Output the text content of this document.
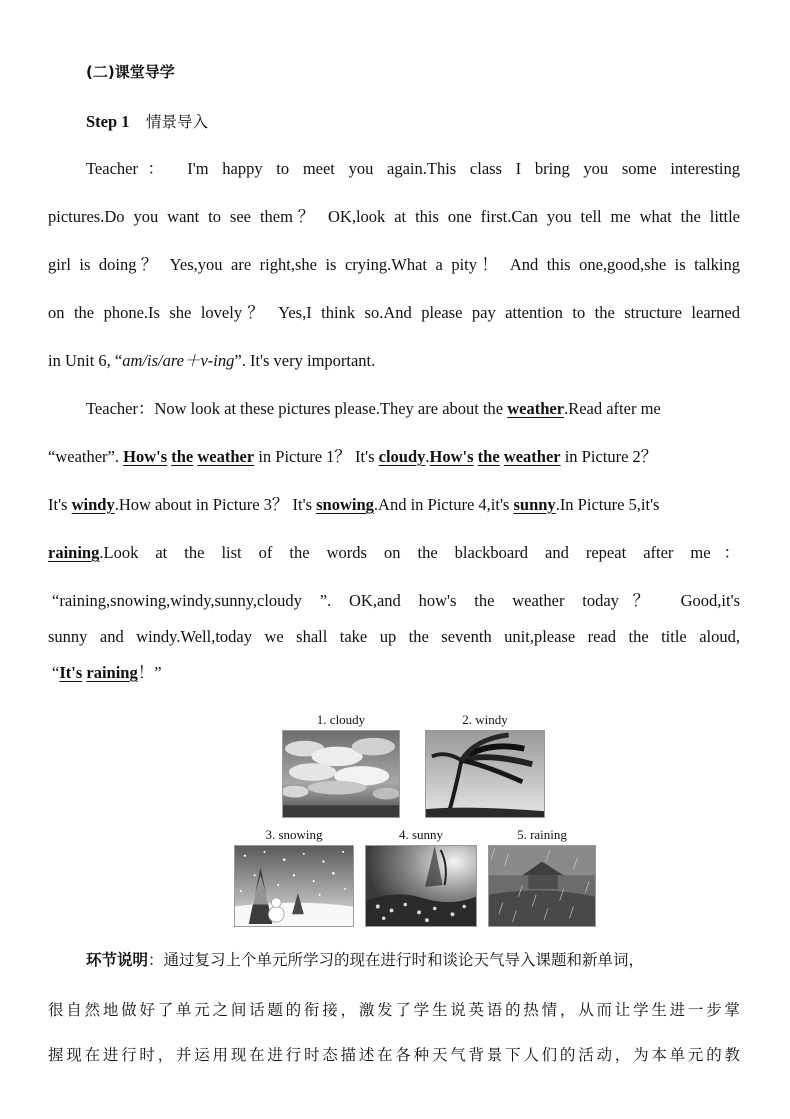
(二)课堂导学
Step 1 情景导入
Teacher： I'm happy to meet you again.This class I bring you some interesting
pictures.Do you want to see them？ OK,look at this one first.Can you tell me what the little
girl is doing？ Yes,you are right,she is crying.What a pity！ And this one,good,she is talking
on the phone.Is she lovely？ Yes,I think so.And please pay attention to the structure learned
in Unit 6, “am/is/are＋v-ing”. It's very important.
Teacher：Now look at these pictures please.They are about the weather.Read after me
“weather”. How's the weather in Picture 1？ It's cloudy.How's the weather in Picture 2？
It's windy.How about in Picture 3？ It's snowing.And in Picture 4,it's sunny.In Picture 5,it's
raining.Look at the list of the words on the blackboard and repeat after me：
“raining,snowing,windy,sunny,cloudy ”. OK,and how's the weather today？ Good,it's
sunny and windy.Well,today we shall take up the seventh unit,please read the title aloud,
“It's raining！”
1. cloudy	2. windy
3. snowing	4. sunny	5. raining
环节说明：通过复习上个单元所学习的现在进行时和谈论天气导入课题和新单词，
很自然地做好了单元之间话题的衔接，激发了学生说英语的热情，从而让学生进一步掌
握现在进行时，并运用现在进行时态描述在各种天气背景下人们的活动，为本单元的教
